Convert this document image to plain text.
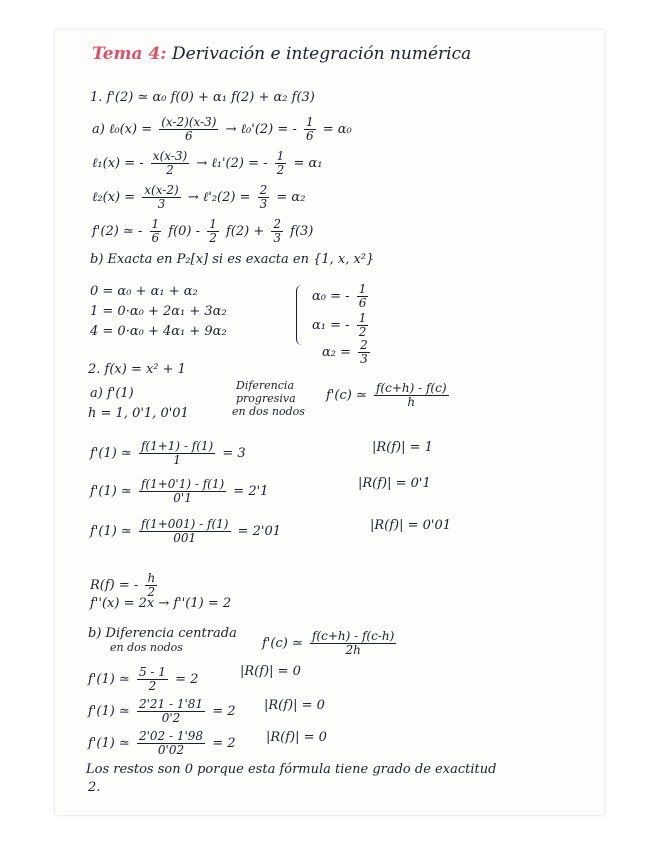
Tema 4: Derivación e integración numérica
1. f'(2) ≃ α₀ f(0) + α₁ f(2) + α₂ f(3)
a) ℓ₀(x) = $\frac{(x-2)(x-3)}{6}$ → ℓ₀'(2) = - $\frac{1}{6} = \alpha_0$
ℓ₁(x) = - $\frac{x(x-3)}{2}$ → ℓ₁'(2) = - $\frac{1}{2} = \alpha_1$
ℓ₂(x) = $\frac{x(x-2)}{3}$ → ℓ'₂(2) = $\frac{2}{3} = \alpha_2$
f'(2) ≃ - $\frac{1}{6} f(0) - \frac{1}{2} f(2) + \frac{2}{3} f(3)$
b) Exacta en P₂[x] si es exacta en {1, x, x²}
0 = α₀ + α₁ + α₂
1 = 0·α₀ + 2α₁ + 3α₂
4 = 0·α₀ + 4α₁ + 9α₂
α₀ = - $\frac{1}{6}$
α₁ = - $\frac{1}{2}$
$\alpha_2 = \frac{2}{3}$
2. f(x) = x² + 1
a) f'(1)
Diferencia
progresiva
en dos nodos
f'(c) ≃ $\frac{f(c+h) - f(c)}{h}$
h = 1, 0'1, 0'01
f'(1) ≃ $\frac{f(1+1) - f(1)}{1} = 3$	|R(f)| = 1
f'(1) ≃ $\frac{f(1+0'1) - f(1)}{0'1} = 2'1$
|R(f)| = 0'1
f'(1) ≃ $\frac{f(1+001) - f(1)}{001} = 2'01$	|R(f)| = 0'01
R(f) = - $\frac{h}{2}$
f''(x) = 2x → f''(1) = 2
b) Diferencia centrada
en dos nodos	f'(c) ≃ $\frac{f(c+h) - f(c-h)}{2h}$
f'(1) ≃ $\frac{5 - 1}{2} = 2$
|R(f)| = 0
f'(1) ≃ $\frac{2'21 - 1'81}{0'2} = 2$ |R(f)| = 0
f'(1) ≃ $\frac{2'02 - 1'98}{0'02} = 2$ |R(f)| = 0
Los restos son 0 porque esta fórmula tiene grado de exactitud
2.
